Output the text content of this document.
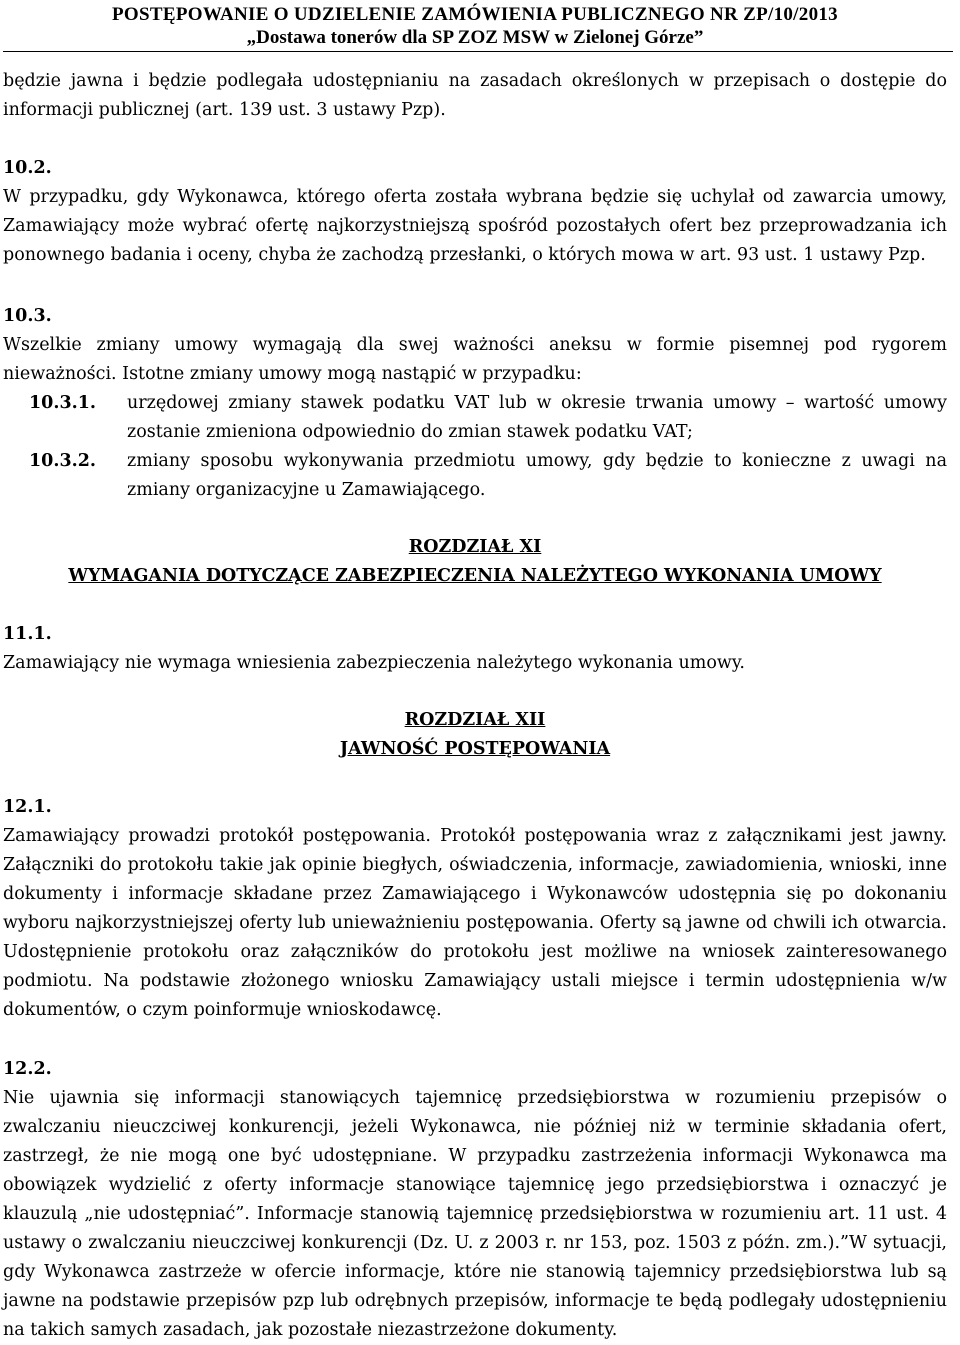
POSTĘPOWANIE O UDZIELENIE ZAMÓWIENIA PUBLICZNEGO NR ZP/10/2013
„Dostawa tonerów dla SP ZOZ MSW w Zielonej Górze”

będzie jawna i będzie podlegała udostępnianiu na zasadach określonych w przepisach o dostępie do informacji publicznej (art. 139 ust. 3 ustawy Pzp).

10.2.

W przypadku, gdy Wykonawca, którego oferta została wybrana będzie się uchylał od zawarcia umowy, Zamawiający może wybrać ofertę najkorzystniejszą spośród pozostałych ofert bez przeprowadzania ich ponownego badania i oceny, chyba że zachodzą przesłanki, o których mowa w art. 93 ust. 1 ustawy Pzp.

10.3.

Wszelkie zmiany umowy wymagają dla swej ważności aneksu w formie pisemnej pod rygorem nieważności. Istotne zmiany umowy mogą nastąpić w przypadku:

10.3.1.	urzędowej zmiany stawek podatku VAT lub w okresie trwania umowy – wartość umowy zostanie zmieniona odpowiednio do zmian stawek podatku VAT;
10.3.2.	zmiany sposobu wykonywania przedmiotu umowy, gdy będzie to konieczne z uwagi na zmiany organizacyjne u Zamawiającego.

ROZDZIAŁ XI

WYMAGANIA DOTYCZĄCE ZABEZPIECZENIA NALEŻYTEGO WYKONANIA UMOWY

11.1.

Zamawiający nie wymaga wniesienia zabezpieczenia należytego wykonania umowy.

ROZDZIAŁ XII

JAWNOŚĆ POSTĘPOWANIA

12.1.

Zamawiający prowadzi protokół postępowania. Protokół postępowania wraz z załącznikami jest jawny. Załączniki do protokołu takie jak opinie biegłych, oświadczenia, informacje, zawiadomienia, wnioski, inne dokumenty i informacje składane przez Zamawiającego i Wykonawców udostępnia się po dokonaniu wyboru najkorzystniejszej oferty lub unieważnieniu postępowania. Oferty są jawne od chwili ich otwarcia. Udostępnienie protokołu oraz załączników do protokołu jest możliwe na wniosek zainteresowanego podmiotu. Na podstawie złożonego wniosku Zamawiający ustali miejsce i termin udostępnienia w/w dokumentów, o czym poinformuje wnioskodawcę.

12.2.

Nie ujawnia się informacji stanowiących tajemnicę przedsiębiorstwa w rozumieniu przepisów o zwalczaniu nieuczciwej konkurencji, jeżeli Wykonawca, nie później niż w terminie składania ofert, zastrzegł, że nie mogą one być udostępniane. W przypadku zastrzeżenia informacji Wykonawca ma obowiązek wydzielić z oferty informacje stanowiące tajemnicę jego przedsiębiorstwa i oznaczyć je klauzulą „nie udostępniać”. Informacje stanowią tajemnicę przedsiębiorstwa w rozumieniu art. 11 ust. 4 ustawy o zwalczaniu nieuczciwej konkurencji (Dz. U. z 2003 r. nr 153, poz. 1503 z późn. zm.).”W sytuacji, gdy Wykonawca zastrzeże w ofercie informacje, które nie stanowią tajemnicy przedsiębiorstwa lub są jawne na podstawie przepisów pzp lub odrębnych przepisów, informacje te będą podlegały udostępnieniu na takich samych zasadach, jak pozostałe niezastrzeżone dokumenty.
